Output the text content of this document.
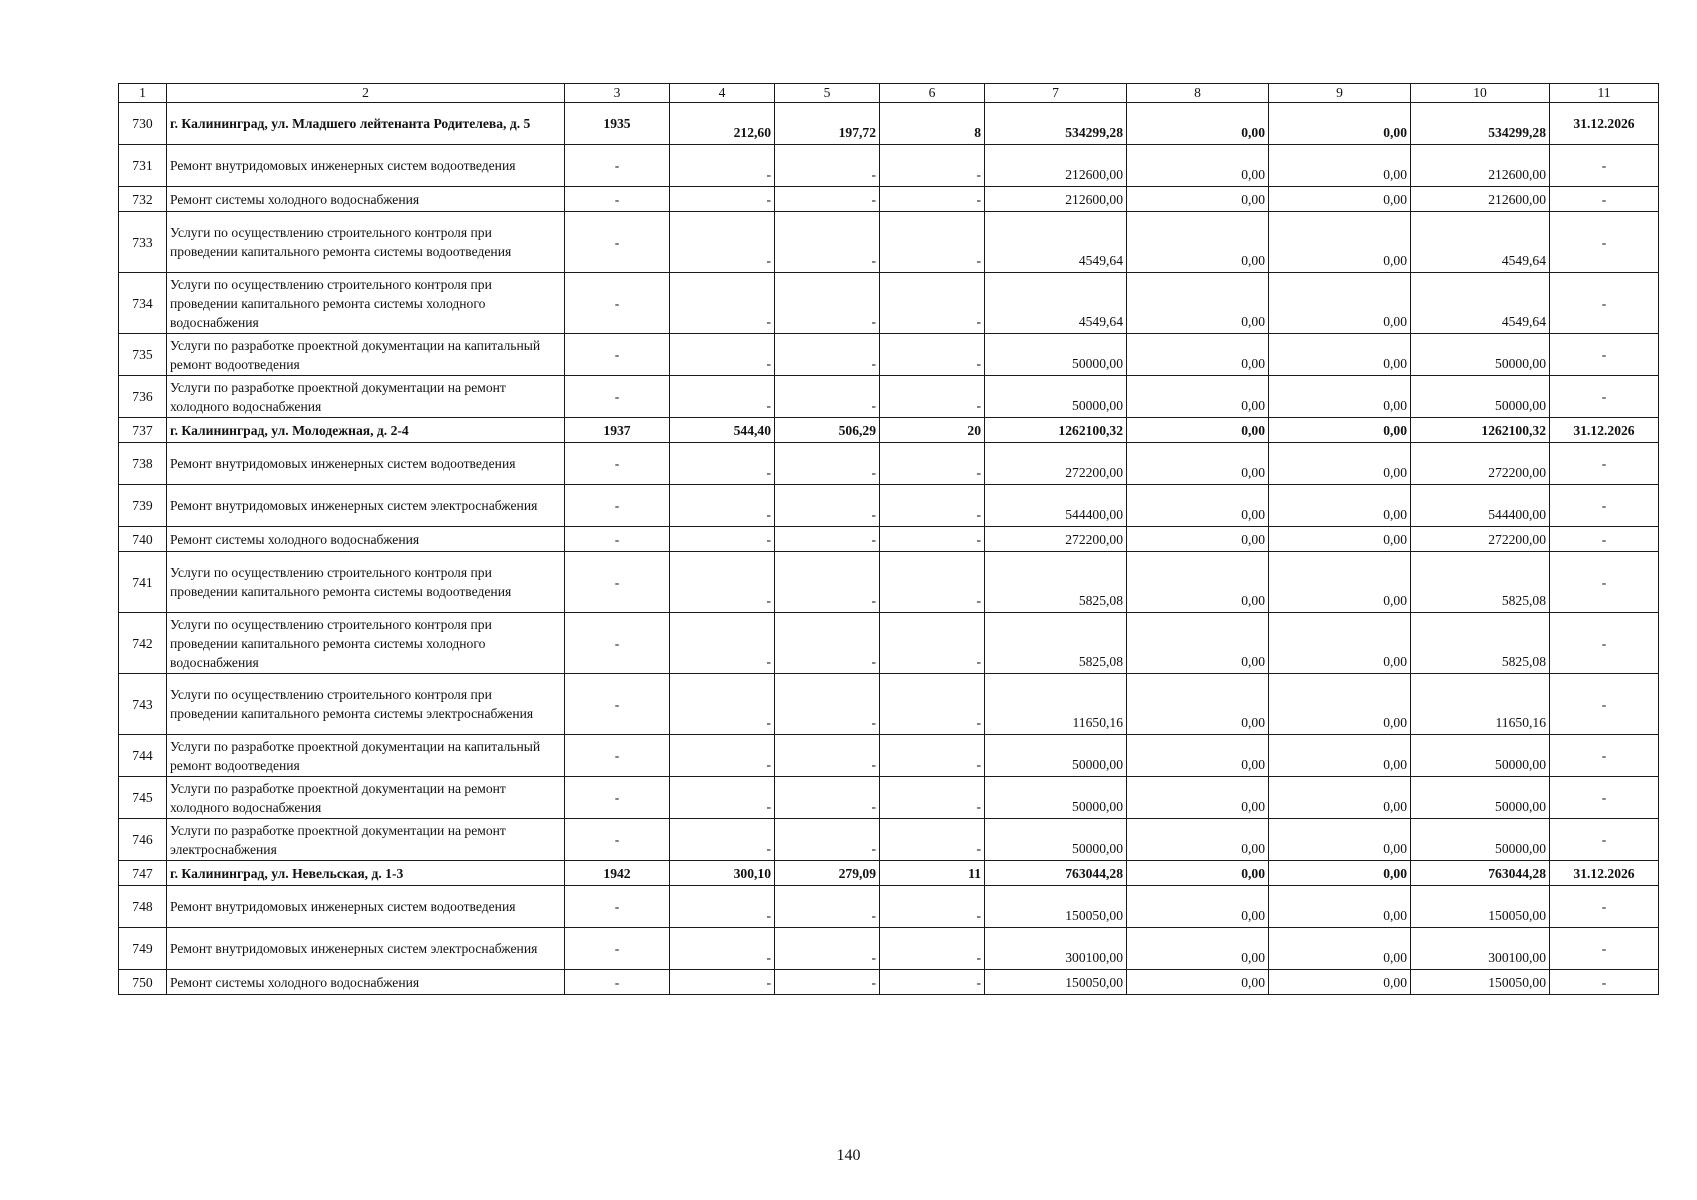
1	2	3	4	5	6	7	8	9	10	11
730	г. Калининград, ул. Младшего лейтенанта Родителева, д. 5	1935	212,60	197,72	8	534299,28	0,00	0,00	534299,28	31.12.2026
731	Ремонт внутридомовых инженерных систем водоотведения	-	-	-	-	212600,00	0,00	0,00	212600,00	-
732	Ремонт системы холодного водоснабжения	-	-	-	-	212600,00	0,00	0,00	212600,00	-
733	Услуги по осуществлению строительного контроля при проведении капитального ремонта системы водоотведения	-	-	-	-	4549,64	0,00	0,00	4549,64	-
734	Услуги по осуществлению строительного контроля при проведении капитального ремонта системы холодного водоснабжения	-	-	-	-	4549,64	0,00	0,00	4549,64	-
735	Услуги по разработке проектной документации на капитальный ремонт водоотведения	-	-	-	-	50000,00	0,00	0,00	50000,00	-
736	Услуги по разработке проектной документации на ремонт холодного водоснабжения	-	-	-	-	50000,00	0,00	0,00	50000,00	-
737	г. Калининград, ул. Молодежная, д. 2-4	1937	544,40	506,29	20	1262100,32	0,00	0,00	1262100,32	31.12.2026
738	Ремонт внутридомовых инженерных систем водоотведения	-	-	-	-	272200,00	0,00	0,00	272200,00	-
739	Ремонт внутридомовых инженерных систем электроснабжения	-	-	-	-	544400,00	0,00	0,00	544400,00	-
740	Ремонт системы холодного водоснабжения	-	-	-	-	272200,00	0,00	0,00	272200,00	-
741	Услуги по осуществлению строительного контроля при проведении капитального ремонта системы водоотведения	-	-	-	-	5825,08	0,00	0,00	5825,08	-
742	Услуги по осуществлению строительного контроля при проведении капитального ремонта системы холодного водоснабжения	-	-	-	-	5825,08	0,00	0,00	5825,08	-
743	Услуги по осуществлению строительного контроля при проведении капитального ремонта системы электроснабжения	-	-	-	-	11650,16	0,00	0,00	11650,16	-
744	Услуги по разработке проектной документации на капитальный ремонт водоотведения	-	-	-	-	50000,00	0,00	0,00	50000,00	-
745	Услуги по разработке проектной документации на ремонт холодного водоснабжения	-	-	-	-	50000,00	0,00	0,00	50000,00	-
746	Услуги по разработке проектной документации на ремонт электроснабжения	-	-	-	-	50000,00	0,00	0,00	50000,00	-
747	г. Калининград, ул. Невельская, д. 1-3	1942	300,10	279,09	11	763044,28	0,00	0,00	763044,28	31.12.2026
748	Ремонт внутридомовых инженерных систем водоотведения	-	-	-	-	150050,00	0,00	0,00	150050,00	-
749	Ремонт внутридомовых инженерных систем электроснабжения	-	-	-	-	300100,00	0,00	0,00	300100,00	-
750	Ремонт системы холодного водоснабжения	-	-	-	-	150050,00	0,00	0,00	150050,00	-
140
